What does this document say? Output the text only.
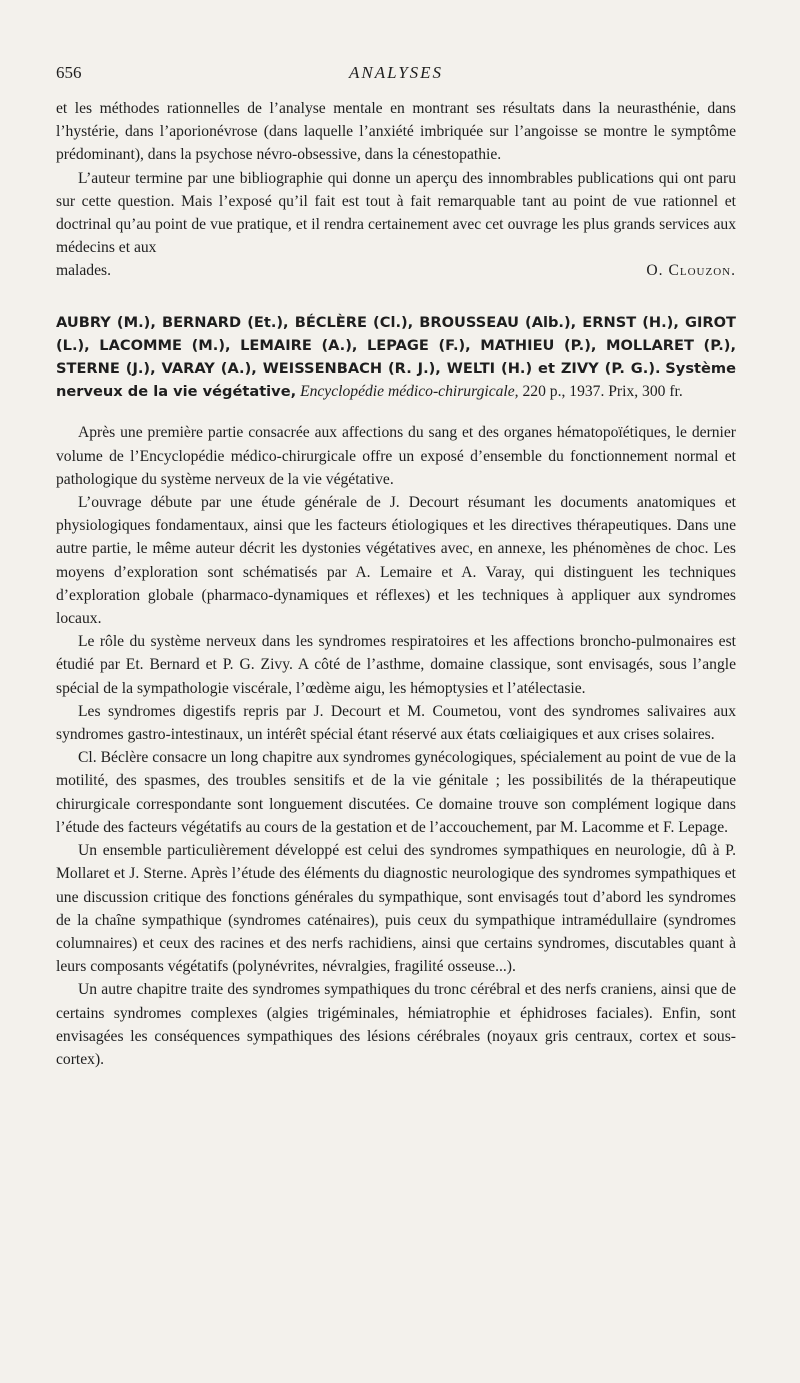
656	ANALYSES

et les méthodes rationnelles de l’analyse mentale en montrant ses résultats dans la neurasthénie, dans l’hystérie, dans l’aporionévrose (dans laquelle l’anxiété imbriquée sur l’angoisse se montre le symptôme prédominant), dans la psychose névro-obsessive, dans la cénestopathie.

L’auteur termine par une bibliographie qui donne un aperçu des innombrables publications qui ont paru sur cette question. Mais l’exposé qu’il fait est tout à fait remarquable tant au point de vue rationnel et doctrinal qu’au point de vue pratique, et il rendra certainement avec cet ouvrage les plus grands services aux médecins et aux

malades.	O. Clouzon.

AUBRY (M.), BERNARD (Et.), BÉCLÈRE (Cl.), BROUSSEAU (Alb.), ERNST (H.), GIROT (L.), LACOMME (M.), LEMAIRE (A.), LEPAGE (F.), MATHIEU (P.), MOLLARET (P.), STERNE (J.), VARAY (A.), WEISSENBACH (R. J.), WELTI (H.) et ZIVY (P. G.). Système nerveux de la vie végétative, Encyclopédie médico-chirurgicale, 220 p., 1937. Prix, 300 fr.

Après une première partie consacrée aux affections du sang et des organes hématopoïétiques, le dernier volume de l’Encyclopédie médico-chirurgicale offre un exposé d’ensemble du fonctionnement normal et pathologique du système nerveux de la vie végétative.

L’ouvrage débute par une étude générale de J. Decourt résumant les documents anatomiques et physiologiques fondamentaux, ainsi que les facteurs étiologiques et les directives thérapeutiques. Dans une autre partie, le même auteur décrit les dystonies végétatives avec, en annexe, les phénomènes de choc. Les moyens d’exploration sont schématisés par A. Lemaire et A. Varay, qui distinguent les techniques d’exploration globale (pharmaco-dynamiques et réflexes) et les techniques à appliquer aux syndromes locaux.

Le rôle du système nerveux dans les syndromes respiratoires et les affections broncho-pulmonaires est étudié par Et. Bernard et P. G. Zivy. A côté de l’asthme, domaine classique, sont envisagés, sous l’angle spécial de la sympathologie viscérale, l’œdème aigu, les hémoptysies et l’atélectasie.

Les syndromes digestifs repris par J. Decourt et M. Coumetou, vont des syndromes salivaires aux syndromes gastro-intestinaux, un intérêt spécial étant réservé aux états cœliaigiques et aux crises solaires.

Cl. Béclère consacre un long chapitre aux syndromes gynécologiques, spécialement au point de vue de la motilité, des spasmes, des troubles sensitifs et de la vie génitale ; les possibilités de la thérapeutique chirurgicale correspondante sont longuement discutées. Ce domaine trouve son complément logique dans l’étude des facteurs végétatifs au cours de la gestation et de l’accouchement, par M. Lacomme et F. Lepage.

Un ensemble particulièrement développé est celui des syndromes sympathiques en neurologie, dû à P. Mollaret et J. Sterne. Après l’étude des éléments du diagnostic neurologique des syndromes sympathiques et une discussion critique des fonctions générales du sympathique, sont envisagés tout d’abord les syndromes de la chaîne sympathique (syndromes caténaires), puis ceux du sympathique intramédullaire (syndromes columnaires) et ceux des racines et des nerfs rachidiens, ainsi que certains syndromes, discutables quant à leurs composants végétatifs (polynévrites, névralgies, fragilité osseuse...).

Un autre chapitre traite des syndromes sympathiques du tronc cérébral et des nerfs craniens, ainsi que de certains syndromes complexes (algies trigéminales, hémiatrophie et éphidroses faciales). Enfin, sont envisagées les conséquences sympathiques des lésions cérébrales (noyaux gris centraux, cortex et sous-cortex).
